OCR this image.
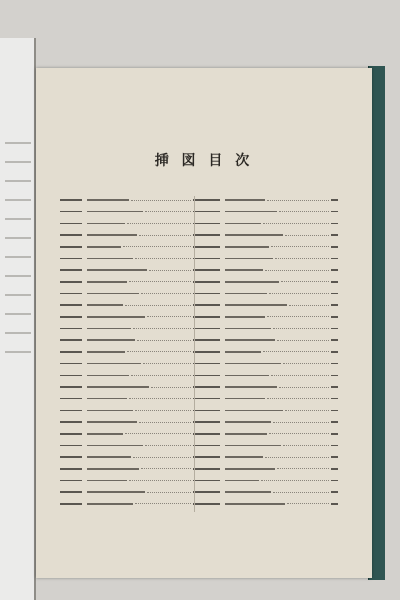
挿 図 目 次
